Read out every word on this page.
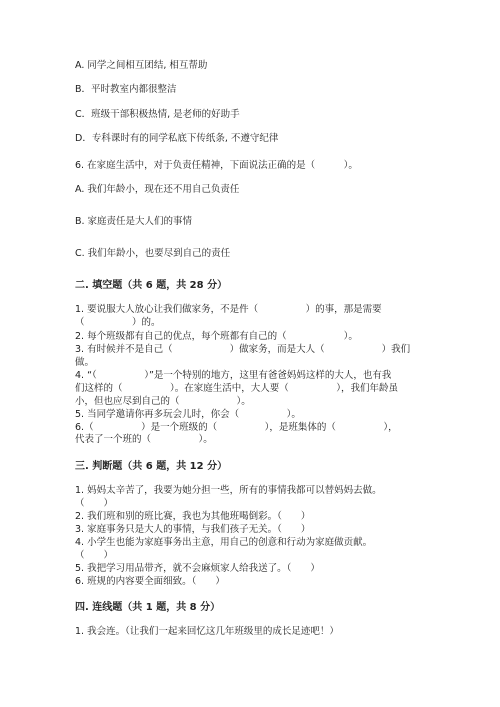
A. 同学之间相互团结, 相互帮助
B．平时教室内都很整洁
C．班级干部积极热情, 是老师的好助手
D．专科课时有的同学私底下传纸条, 不遵守纪律
6. 在家庭生活中，对于负责任精神，下面说法正确的是（　　　）。
A. 我们年龄小，现在还不用自己负责任
B. 家庭责任是大人们的事情
C. 我们年龄小，也要尽到自己的责任
二. 填空题（共 6 题，共 28 分）
1. 要说服大人放心让我们做家务，不是件（　　　　　）的事，那是需要
（　　　　　）的。
2. 每个班级都有自己的优点，每个班都有自己的（　　　　　　）。
3. 有时候并不是自己（　　　　　　）做家务，而是大人（　　　　　　）我们
做。
4. “（　　　　　）”是一个特别的地方，这里有爸爸妈妈这样的大人，也有我
们这样的（　　　　　）。在家庭生活中，大人要（　　　　　），我们年龄虽
小，但也应尽到自己的（　　　　　　）。
5. 当同学邀请你再多玩会儿时，你会（　　　　　）。
6.（　　　　　）是一个班级的（　　　　　），是班集体的（　　　　　），
代表了一个班的（　　　　　）。
三. 判断题（共 6 题，共 12 分）
1. 妈妈太辛苦了，我要为她分担一些，所有的事情我都可以替妈妈去做。
（　　）
2. 我们班和别的班比赛，我也为其他班喝倒彩。（　　）
3. 家庭事务只是大人的事情，与我们孩子无关。（　　）
4. 小学生也能为家庭事务出主意，用自己的创意和行动为家庭做贡献。
（　　）
5. 我把学习用品带齐，就不会麻烦家人给我送了。（　　）
6. 班规的内容要全面细致。（　　）
四. 连线题（共 1 题，共 8 分）
1. 我会连。（让我们一起来回忆这几年班级里的成长足迹吧！）
